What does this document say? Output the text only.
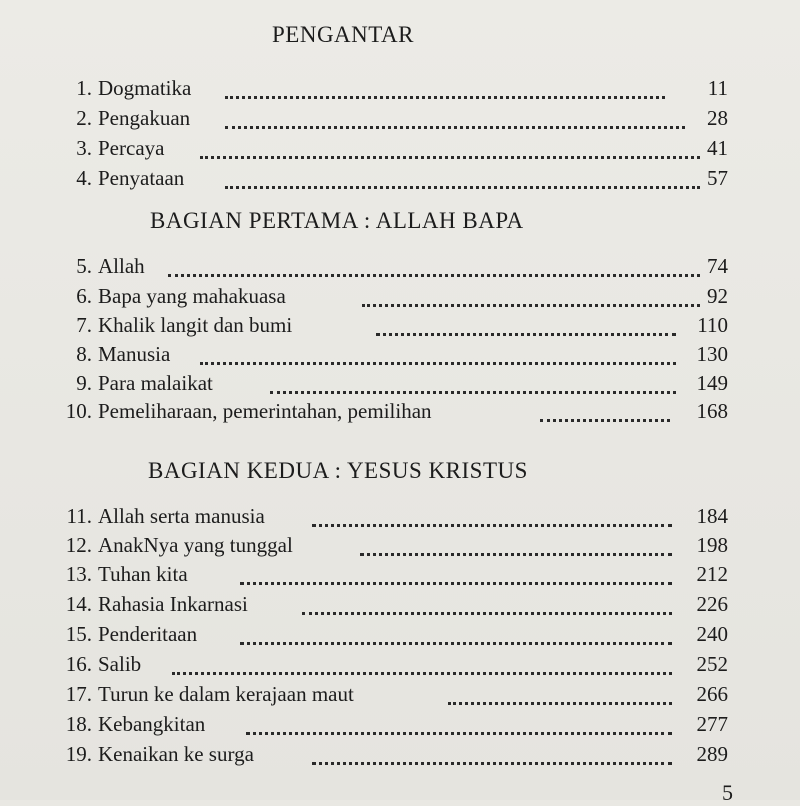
PENGANTAR
1. Dogmatika	11
2. Pengakuan	28
3. Percaya	41
4. Penyataan	57
BAGIAN PERTAMA : ALLAH BAPA
5. Allah	74
6. Bapa yang mahakuasa	92
7. Khalik langit dan bumi	110
8. Manusia	130
9. Para malaikat	149
10. Pemeliharaan, pemerintahan, pemilihan	168
BAGIAN KEDUA : YESUS KRISTUS
11. Allah serta manusia	184
12. AnakNya yang tunggal	198
13. Tuhan kita	212
14. Rahasia Inkarnasi	226
15. Penderitaan	240
16. Salib	252
17. Turun ke dalam kerajaan maut	266
18. Kebangkitan	277
19. Kenaikan ke surga	289
5
